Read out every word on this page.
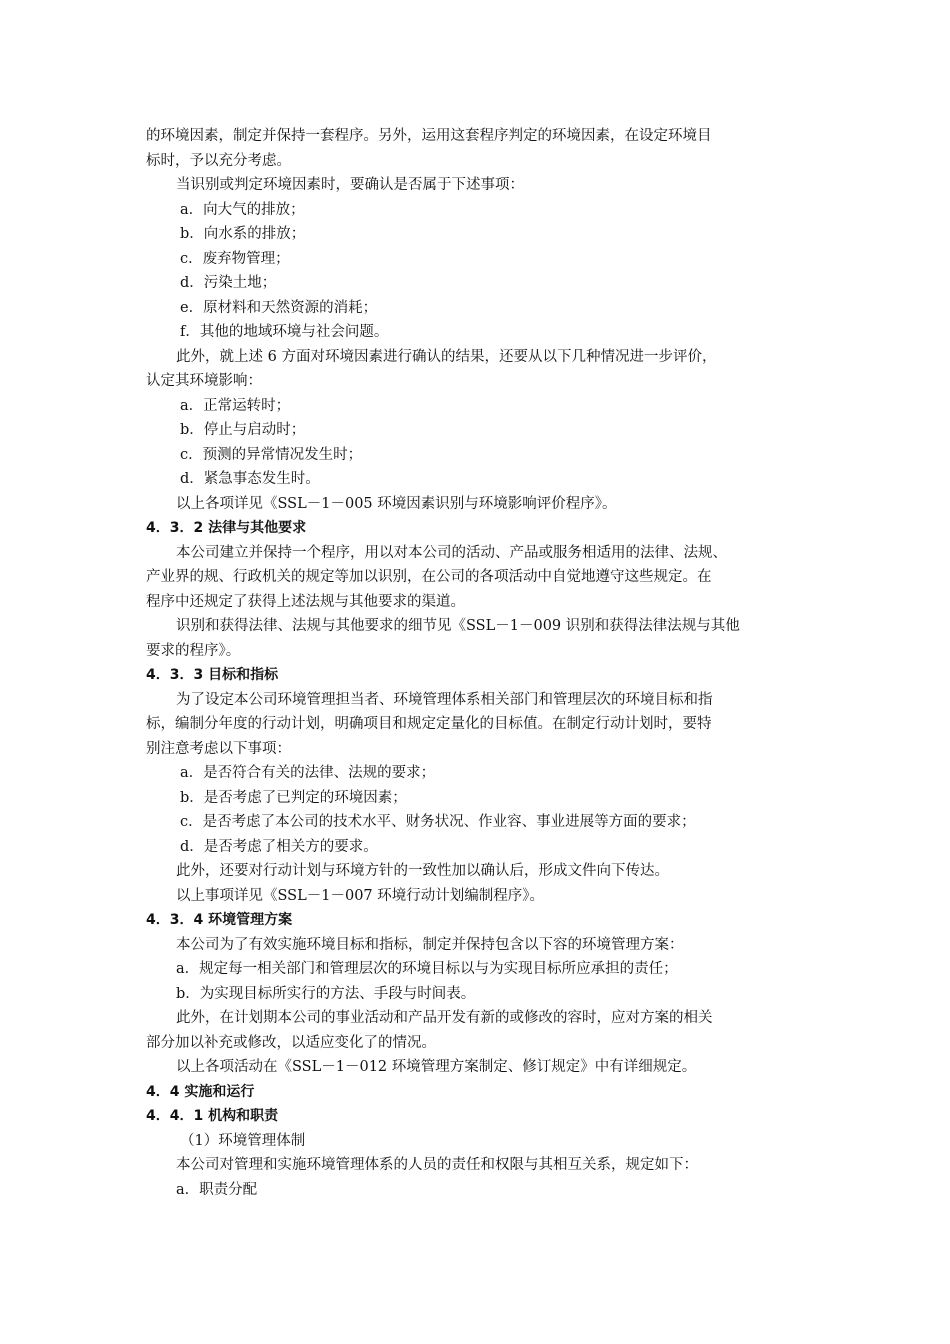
的环境因素，制定并保持一套程序。另外，运用这套程序判定的环境因素，在设定环境目
标时，予以充分考虑。
当识别或判定环境因素时，要确认是否属于下述事项：
a．向大气的排放；
b．向水系的排放；
c．废弃物管理；
d．污染土地；
e．原材料和天然资源的消耗；
f．其他的地域环境与社会问题。
此外，就上述 6 方面对环境因素进行确认的结果，还要从以下几种情况进一步评价，
认定其环境影响：
a．正常运转时；
b．停止与启动时；
c．预测的异常情况发生时；
d．紧急事态发生时。
以上各项详见《SSL－1－005 环境因素识别与环境影响评价程序》。
4．3．2 法律与其他要求
本公司建立并保持一个程序，用以对本公司的活动、产品或服务相适用的法律、法规、
产业界的规、行政机关的规定等加以识别，在公司的各项活动中自觉地遵守这些规定。在
程序中还规定了获得上述法规与其他要求的渠道。
识别和获得法律、法规与其他要求的细节见《SSL－1－009 识别和获得法律法规与其他
要求的程序》。
4．3．3 目标和指标
为了设定本公司环境管理担当者、环境管理体系相关部门和管理层次的环境目标和指
标，编制分年度的行动计划，明确项目和规定定量化的目标值。在制定行动计划时，要特
别注意考虑以下事项：
a．是否符合有关的法律、法规的要求；
b．是否考虑了已判定的环境因素；
c．是否考虑了本公司的技术水平、财务状况、作业容、事业进展等方面的要求；
d．是否考虑了相关方的要求。
此外，还要对行动计划与环境方针的一致性加以确认后，形成文件向下传达。
以上事项详见《SSL－1－007 环境行动计划编制程序》。
4．3．4 环境管理方案
本公司为了有效实施环境目标和指标，制定并保持包含以下容的环境管理方案：
a．规定每一相关部门和管理层次的环境目标以与为实现目标所应承担的责任；
b．为实现目标所实行的方法、手段与时间表。
此外，在计划期本公司的事业活动和产品开发有新的或修改的容时，应对方案的相关
部分加以补充或修改，以适应变化了的情况。
以上各项活动在《SSL－1－012 环境管理方案制定、修订规定》中有详细规定。
4．4 实施和运行
4．4．1 机构和职责
（1）环境管理体制
本公司对管理和实施环境管理体系的人员的责任和权限与其相互关系，规定如下：
a．职责分配
